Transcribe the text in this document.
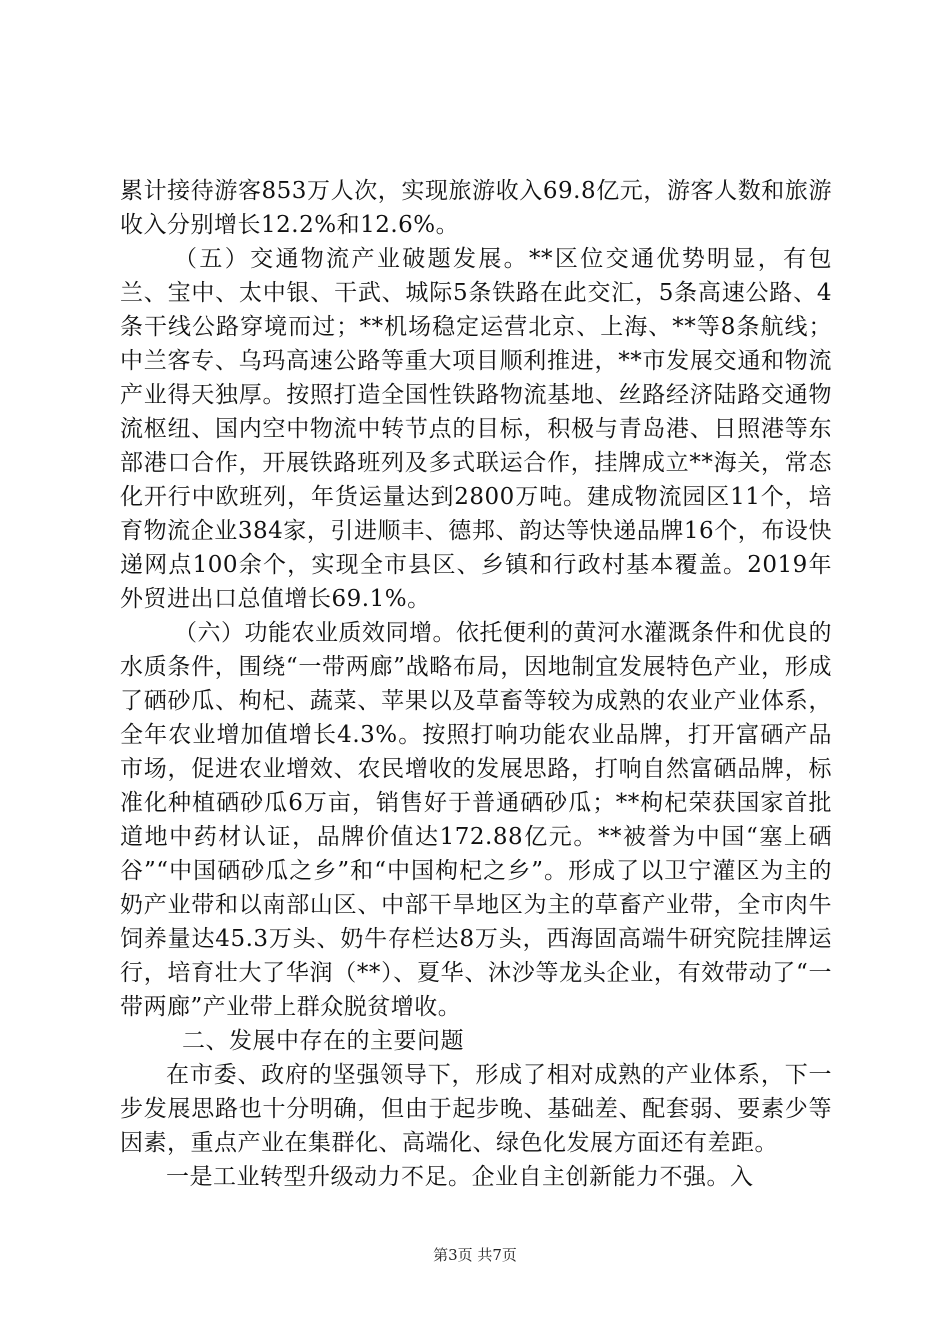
累计接待游客853万人次，实现旅游收入69.8亿元，游客人数和旅游收入分别增长12.2%和12.6%。

（五）交通物流产业破题发展。**区位交通优势明显，有包兰、宝中、太中银、干武、城际5条铁路在此交汇，5条高速公路、4条干线公路穿境而过；**机场稳定运营北京、上海、**等8条航线；中兰客专、乌玛高速公路等重大项目顺利推进，**市发展交通和物流产业得天独厚。按照打造全国性铁路物流基地、丝路经济陆路交通物流枢纽、国内空中物流中转节点的目标，积极与青岛港、日照港等东部港口合作，开展铁路班列及多式联运合作，挂牌成立**海关，常态化开行中欧班列，年货运量达到2800万吨。建成物流园区11个，培育物流企业384家，引进顺丰、德邦、韵达等快递品牌16个，布设快递网点100余个，实现全市县区、乡镇和行政村基本覆盖。2019年外贸进出口总值增长69.1%。

（六）功能农业质效同增。依托便利的黄河水灌溉条件和优良的水质条件，围绕“一带两廊”战略布局，因地制宜发展特色产业，形成了硒砂瓜、枸杞、蔬菜、苹果以及草畜等较为成熟的农业产业体系，全年农业增加值增长4.3%。按照打响功能农业品牌，打开富硒产品市场，促进农业增效、农民增收的发展思路，打响自然富硒品牌，标准化种植硒砂瓜6万亩，销售好于普通硒砂瓜；**枸杞荣获国家首批道地中药材认证，品牌价值达172.88亿元。**被誉为中国“塞上硒谷”“中国硒砂瓜之乡”和“中国枸杞之乡”。形成了以卫宁灌区为主的奶产业带和以南部山区、中部干旱地区为主的草畜产业带，全市肉牛饲养量达45.3万头、奶牛存栏达8万头，西海固高端牛研究院挂牌运行，培育壮大了华润（**）、夏华、沐沙等龙头企业，有效带动了“一带两廊”产业带上群众脱贫增收。

二、发展中存在的主要问题

在市委、政府的坚强领导下，形成了相对成熟的产业体系，下一步发展思路也十分明确，但由于起步晚、基础差、配套弱、要素少等因素，重点产业在集群化、高端化、绿色化发展方面还有差距。

一是工业转型升级动力不足。企业自主创新能力不强。入

第3页 共7页
